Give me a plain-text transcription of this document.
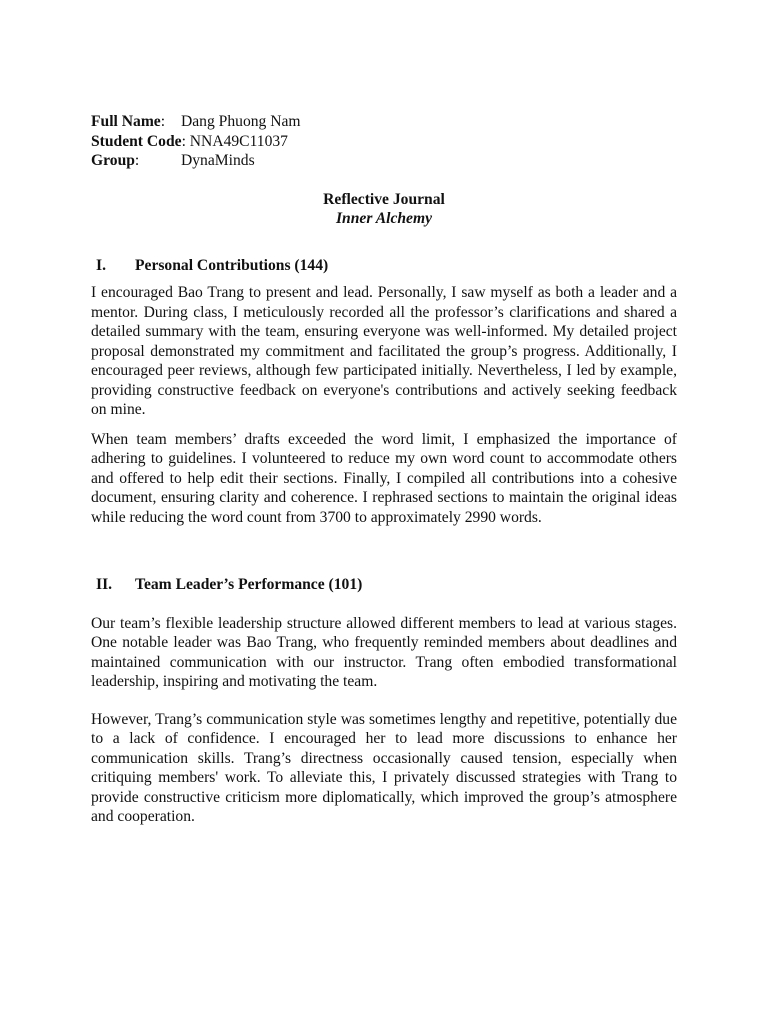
Full Name: Dang Phuong Nam
Student Code: NNA49C11037
Group:	DynaMinds
Reflective Journal
Inner Alchemy
I. Personal Contributions (144)

I encouraged Bao Trang to present and lead. Personally, I saw myself as both a leader and a mentor. During class, I meticulously recorded all the professor’s clarifications and shared a detailed summary with the team, ensuring everyone was well-informed. My detailed project proposal demonstrated my commitment and facilitated the group’s progress. Additionally, I encouraged peer reviews, although few participated initially. Nevertheless, I led by example, providing constructive feedback on everyone's contributions and actively seeking feedback on mine.

When team members’ drafts exceeded the word limit, I emphasized the importance of adhering to guidelines. I volunteered to reduce my own word count to accommodate others and offered to help edit their sections. Finally, I compiled all contributions into a cohesive document, ensuring clarity and coherence. I rephrased sections to maintain the original ideas while reducing the word count from 3700 to approximately 2990 words.

II. Team Leader’s Performance (101)

Our team’s flexible leadership structure allowed different members to lead at various stages. One notable leader was Bao Trang, who frequently reminded members about deadlines and maintained communication with our instructor. Trang often embodied transformational leadership, inspiring and motivating the team.

However, Trang’s communication style was sometimes lengthy and repetitive, potentially due to a lack of confidence. I encouraged her to lead more discussions to enhance her communication skills. Trang’s directness occasionally caused tension, especially when critiquing members' work. To alleviate this, I privately discussed strategies with Trang to provide constructive criticism more diplomatically, which improved the group’s atmosphere and cooperation.
